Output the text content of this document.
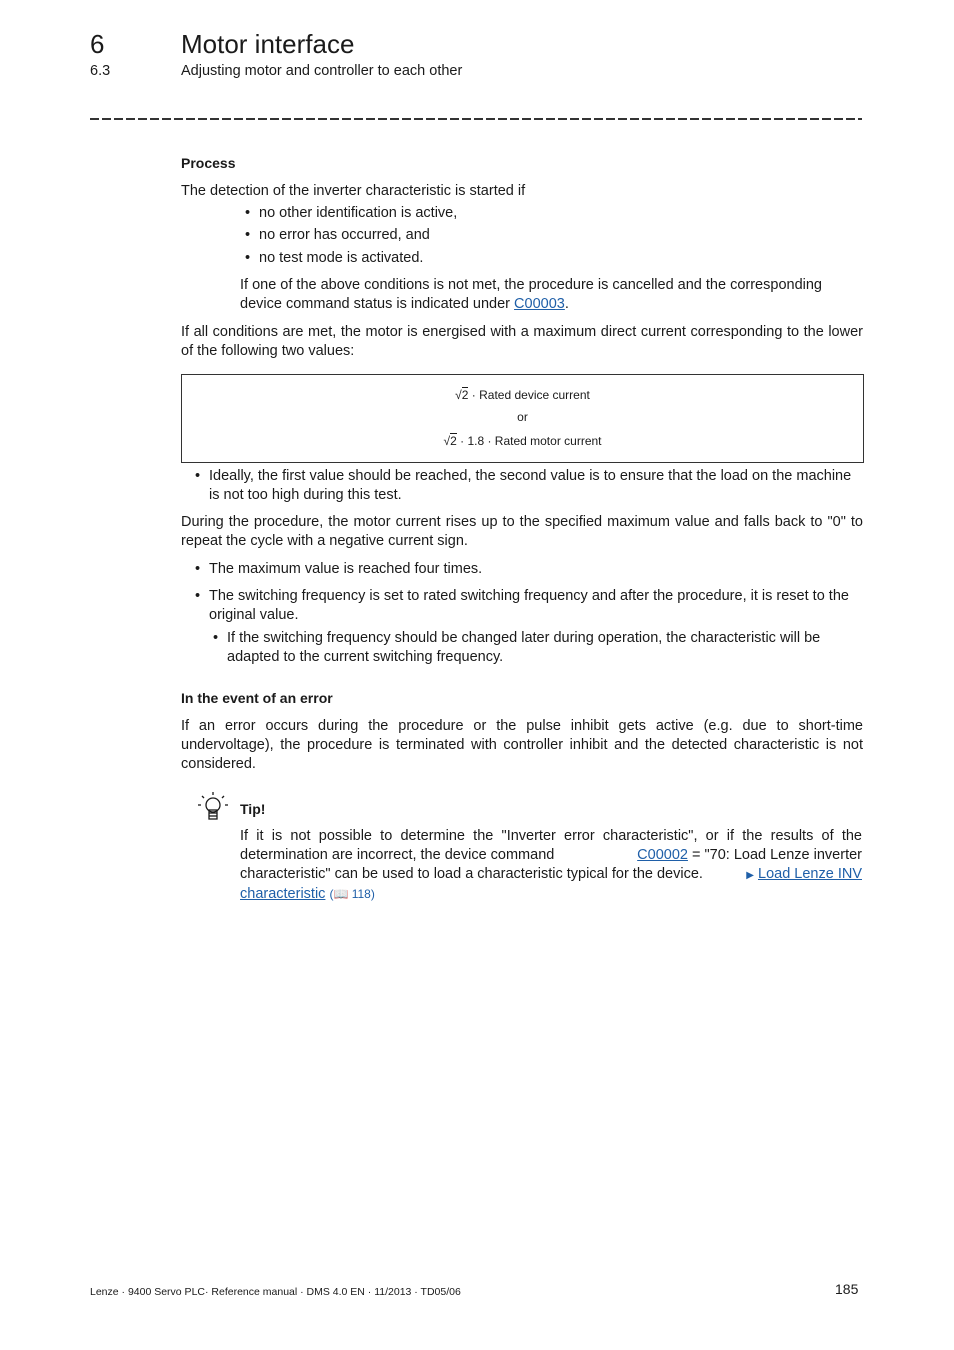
6	Motor interface
6.3	Adjusting motor and controller to each other
Process
The detection of the inverter characteristic is started if
• no other identification is active,
• no error has occurred, and
• no test mode is activated.
If one of the above conditions is not met, the procedure is cancelled and the corresponding
device command status is indicated under C00003.
If all conditions are met, the motor is energised with a maximum direct current corresponding to the lower of the following two values:
√2 · Rated device current
or
√2 · 1.8 · Rated motor current
• Ideally, the first value should be reached, the second value is to ensure that the load on the machine is not too high during this test.
During the procedure, the motor current rises up to the specified maximum value and falls back to "0" to repeat the cycle with a negative current sign.
• The maximum value is reached four times.
• The switching frequency is set to rated switching frequency and after the procedure, it is reset to the original value.
• If the switching frequency should be changed later during operation, the characteristic will be adapted to the current switching frequency.
In the event of an error
If an error occurs during the procedure or the pulse inhibit gets active (e.g. due to short-time undervoltage), the procedure is terminated with controller inhibit and the detected characteristic is not considered.
Tip!
If it is not possible to determine the "Inverter error characteristic", or if the results of the
determination are incorrect, the device command	C00002 = "70: Load Lenze inverter
characteristic" can be used to load a characteristic typical for the device.	▶ Load Lenze INV
characteristic (📖 118)
Lenze · 9400 Servo PLC· Reference manual · DMS 4.0 EN · 11/2013 · TD05/06	185
